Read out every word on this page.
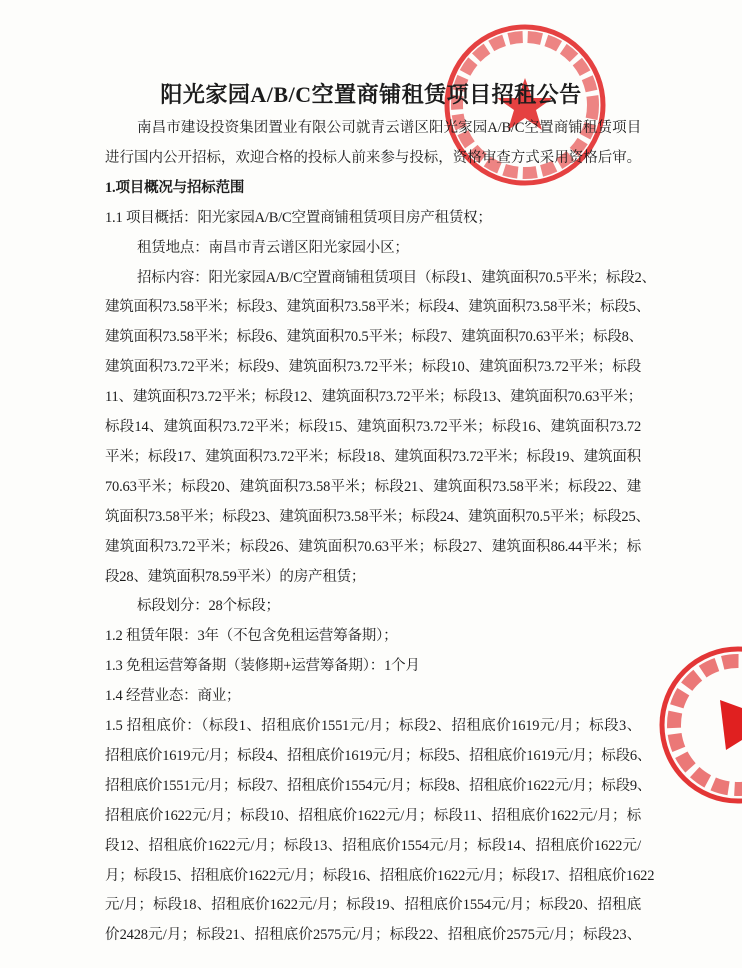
阳光家园A/B/C空置商铺租赁项目招租公告
南昌市建设投资集团置业有限公司就青云谱区阳光家园A/B/C空置商铺租赁项目
进行国内公开招标，欢迎合格的投标人前来参与投标，资格审查方式采用资格后审。
1.项目概况与招标范围
1.1 项目概括：阳光家园A/B/C空置商铺租赁项目房产租赁权；
租赁地点：南昌市青云谱区阳光家园小区；
招标内容：阳光家园A/B/C空置商铺租赁项目（标段1、建筑面积70.5平米；标段2、
建筑面积73.58平米；标段3、建筑面积73.58平米；标段4、建筑面积73.58平米；标段5、
建筑面积73.58平米；标段6、建筑面积70.5平米；标段7、建筑面积70.63平米；标段8、
建筑面积73.72平米；标段9、建筑面积73.72平米；标段10、建筑面积73.72平米；标段
11、建筑面积73.72平米；标段12、建筑面积73.72平米；标段13、建筑面积70.63平米；
标段14、建筑面积73.72平米；标段15、建筑面积73.72平米；标段16、建筑面积73.72
平米；标段17、建筑面积73.72平米；标段18、建筑面积73.72平米；标段19、建筑面积
70.63平米；标段20、建筑面积73.58平米；标段21、建筑面积73.58平米；标段22、建
筑面积73.58平米；标段23、建筑面积73.58平米；标段24、建筑面积70.5平米；标段25、
建筑面积73.72平米；标段26、建筑面积70.63平米；标段27、建筑面积86.44平米；标
段28、建筑面积78.59平米）的房产租赁；
标段划分：28个标段；
1.2 租赁年限：3年（不包含免租运营筹备期）；
1.3 免租运营筹备期（装修期+运营筹备期）：1个月
1.4 经营业态：商业；
1.5 招租底价：（标段1、招租底价1551元/月；标段2、招租底价1619元/月；标段3、
招租底价1619元/月；标段4、招租底价1619元/月；标段5、招租底价1619元/月；标段6、
招租底价1551元/月；标段7、招租底价1554元/月；标段8、招租底价1622元/月；标段9、
招租底价1622元/月；标段10、招租底价1622元/月；标段11、招租底价1622元/月；标
段12、招租底价1622元/月；标段13、招租底价1554元/月；标段14、招租底价1622元/
月；标段15、招租底价1622元/月；标段16、招租底价1622元/月；标段17、招租底价1622
元/月；标段18、招租底价1622元/月；标段19、招租底价1554元/月；标段20、招租底
价2428元/月；标段21、招租底价2575元/月；标段22、招租底价2575元/月；标段23、
